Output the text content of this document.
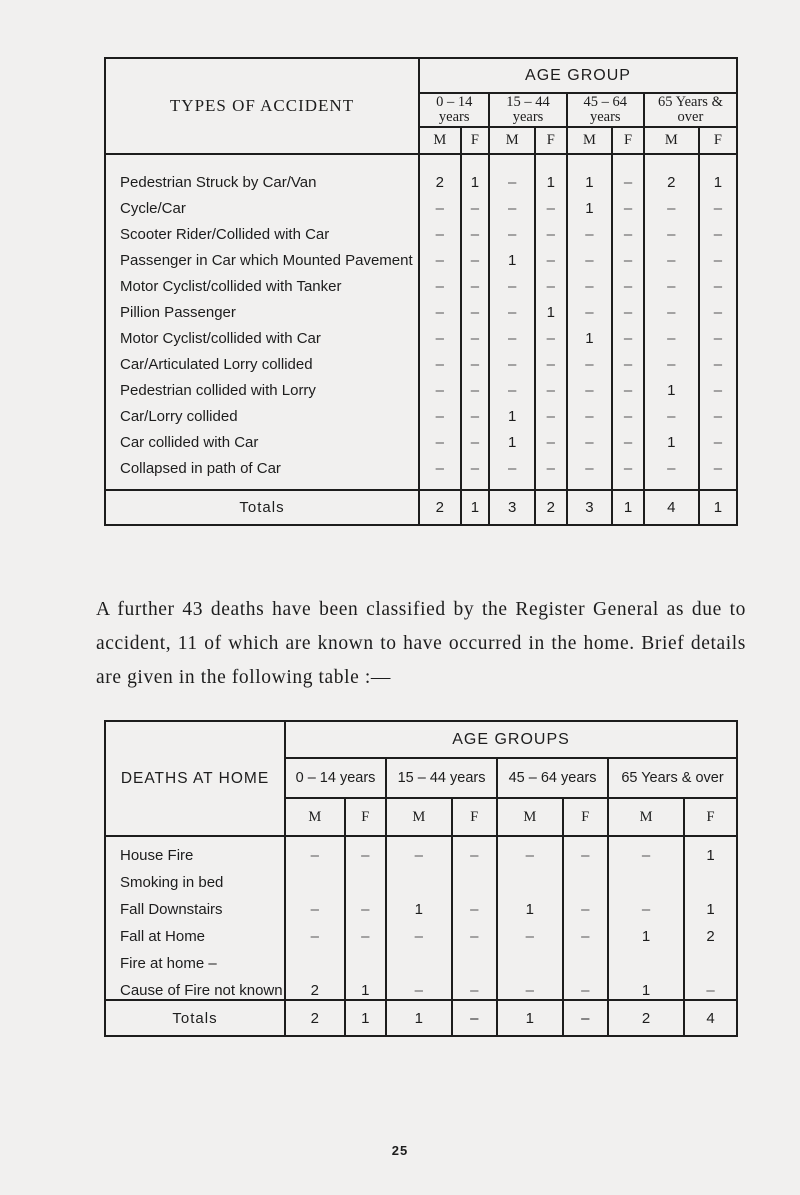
TYPES OF ACCIDENT	AGE GROUP							
	0 – 14 years		15 – 44 years		45 – 64 years		65 Years & over	
	M	F	M	F	M	F	M	F
Pedestrian Struck by Car/Van	2	1	–	1	1	–	2	1
Cycle/Car	–	–	–	–	1	–	–	–
Scooter Rider/Collided with Car	–	–	–	–	–	–	–	–
Passenger in Car which Mounted Pavement	–	–	1	–	–	–	–	–
Motor Cyclist/collided with Tanker	–	–	–	–	–	–	–	–
Pillion Passenger	–	–	–	1	–	–	–	–
Motor Cyclist/collided with Car	–	–	–	–	1	–	–	–
Car/Articulated Lorry collided	–	–	–	–	–	–	–	–
Pedestrian collided with Lorry	–	–	–	–	–	–	1	–
Car/Lorry collided	–	–	1	–	–	–	–	–
Car collided with Car	–	–	1	–	–	–	1	–
Collapsed in path of Car	–	–	–	–	–	–	–	–
Totals	2	1	3	2	3	1	4	1
A further 43 deaths have been classified by the Register General as due to accident, 11 of which are known to have occurred in the home. Brief details are given in the following table :—
DEATHS AT HOME	AGE GROUPS							
	0 – 14 years		15 – 44 years		45 – 64 years		65 Years & over	
	M	F	M	F	M	F	M	F
House Fire	–	–	–	–	–	–	–	1
Smoking in bed								
Fall Downstairs	–	–	1	–	1	–	–	1
Fall at Home	–	–	–	–	–	–	1	2
Fire at home –								
Cause of Fire not known	2	1	–	–	–	–	1	–
Totals	2	1	1	–	1	–	2	4
25
